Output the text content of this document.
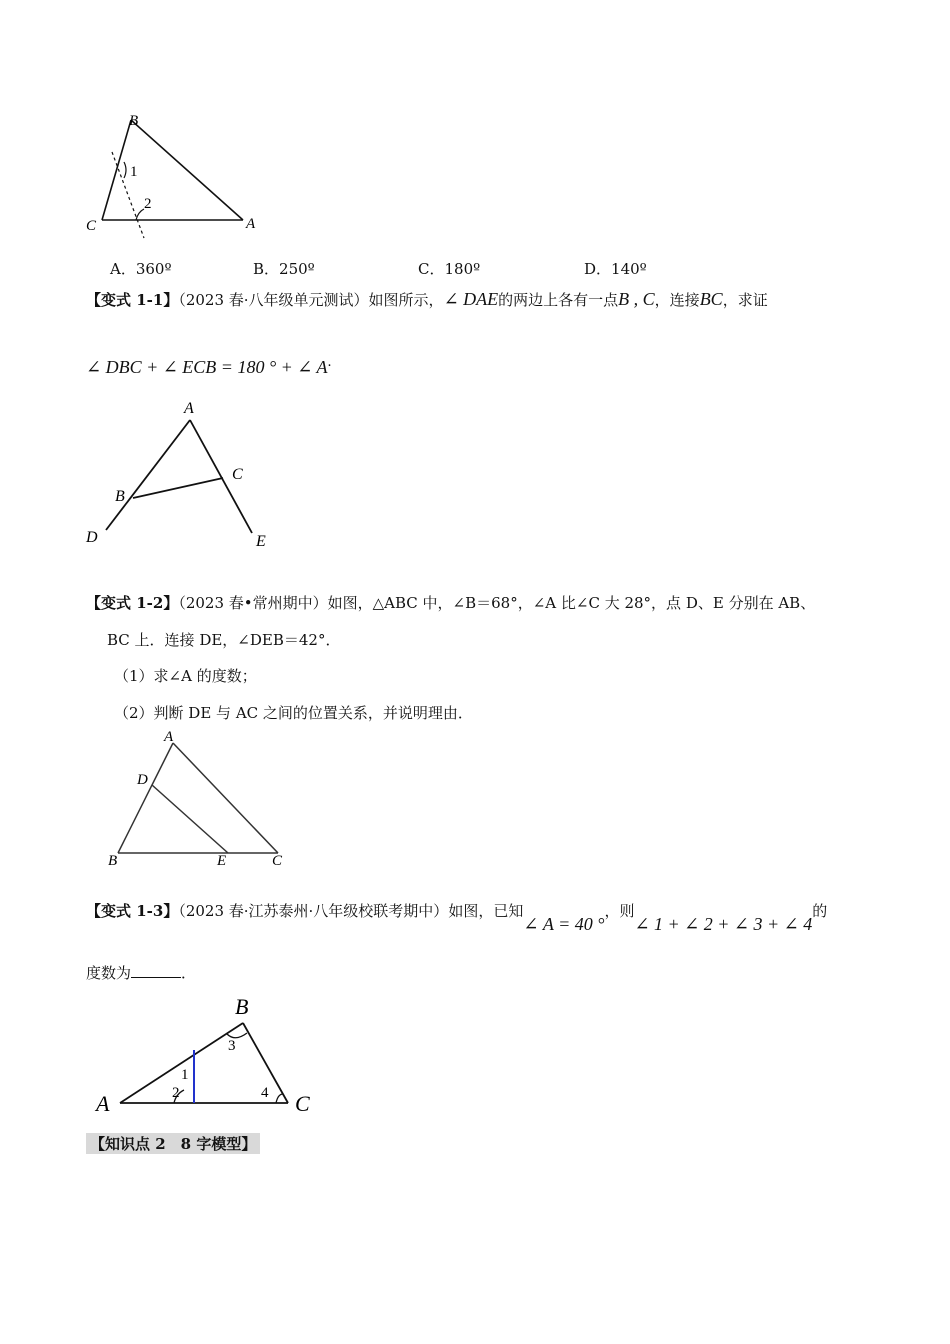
B
1
2
C	A
A．360º	B．250º	C．180º	D．140º
【变式 1-1】（2023 春·八年级单元测试）如图所示，∠ DAE的两边上各有一点B , C，连接BC，求证
∠ DBC + ∠ ECB = 180 ° + ∠ A.
A
C
B
D	E
【变式 1-2】（2023 春•常州期中）如图，△ABC 中，∠B＝68°，∠A 比∠C 大 28°，点 D、E 分别在 AB、
BC 上．连接 DE，∠DEB＝42°．
（1）求∠A 的度数；
（2）判断 DE 与 AC 之间的位置关系，并说明理由．
A
D
B	E	C
【变式 1-3】（2023 春·江苏泰州·八年级校联考期中）如图，已知∠ A = 40 °，则∠ 1 + ∠ 2 + ∠ 3 + ∠ 4的
度数为	．
B
3
1
2	4
A	C
【知识点 2　8 字模型】
